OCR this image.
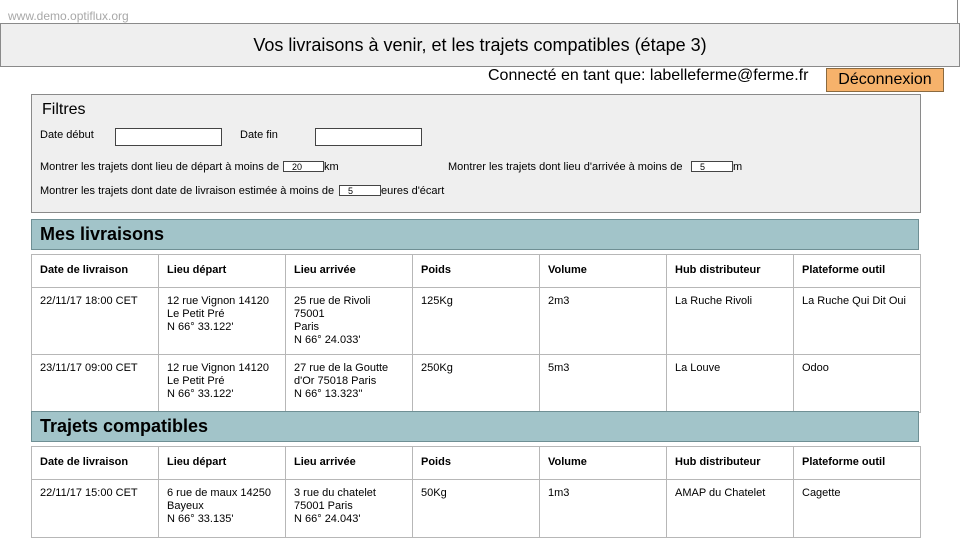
www.demo.optiflux.org
Vos livraisons à venir, et les trajets compatibles (étape 3)
Connecté en tant que: labelleferme@ferme.fr	Déconnexion
Filtres
Date début	Date fin
Montrer les trajets dont lieu de départ à moins de
20	km	Montrer les trajets dont lieu d'arrivée à moins de
5	m
Montrer les trajets dont date de livraison estimée à moins de
5	eures d'écart
Mes livraisons
Date de livraison	Lieu départ	Lieu arrivée	Poids	Volume	Hub distributeur	Plateforme outil
22/11/17 18:00 CET	12 rue Vignon 14120
Le Petit Pré
N 66° 33.122'	25 rue de Rivoli 75001
Paris
N 66° 24.033'	125Kg	2m3	La Ruche Rivoli	La Ruche Qui Dit Oui
23/11/17 09:00 CET	12 rue Vignon 14120
Le Petit Pré
N 66° 33.122'	27 rue de la Goutte
d'Or 75018 Paris
N 66° 13.323''	250Kg	5m3	La Louve	Odoo
Trajets compatibles
Date de livraison	Lieu départ	Lieu arrivée	Poids	Volume	Hub distributeur	Plateforme outil
22/11/17 15:00 CET	6 rue de maux 14250
Bayeux
N 66° 33.135'	3 rue du chatelet
75001 Paris
N 66° 24.043'	50Kg	1m3	AMAP du Chatelet	Cagette
